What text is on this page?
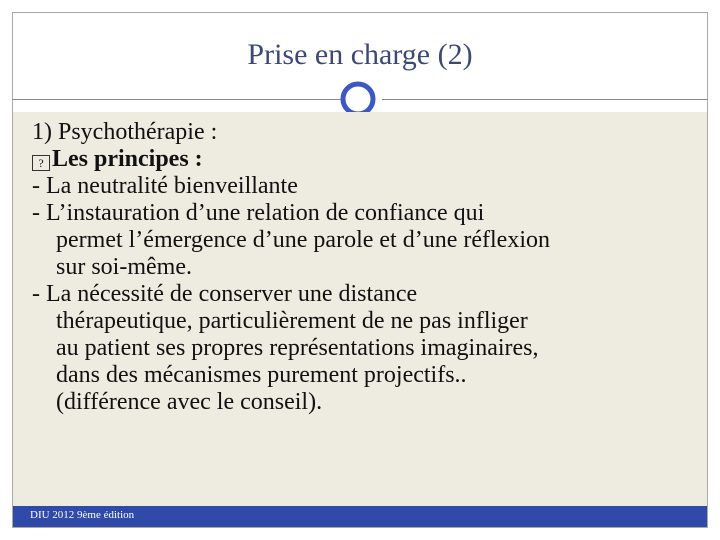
Prise en charge (2)
1) Psychothérapie :
? Les principes :
- La neutralité bienveillante
- L’instauration d’une relation de confiance qui
permet l’émergence d’une parole et d’une réflexion
sur soi-même.
- La nécessité de conserver une distance
thérapeutique, particulièrement de ne pas infliger
au patient ses propres représentations imaginaires,
dans des mécanismes purement projectifs..
(différence avec le conseil).
DIU 2012 9ème édition
